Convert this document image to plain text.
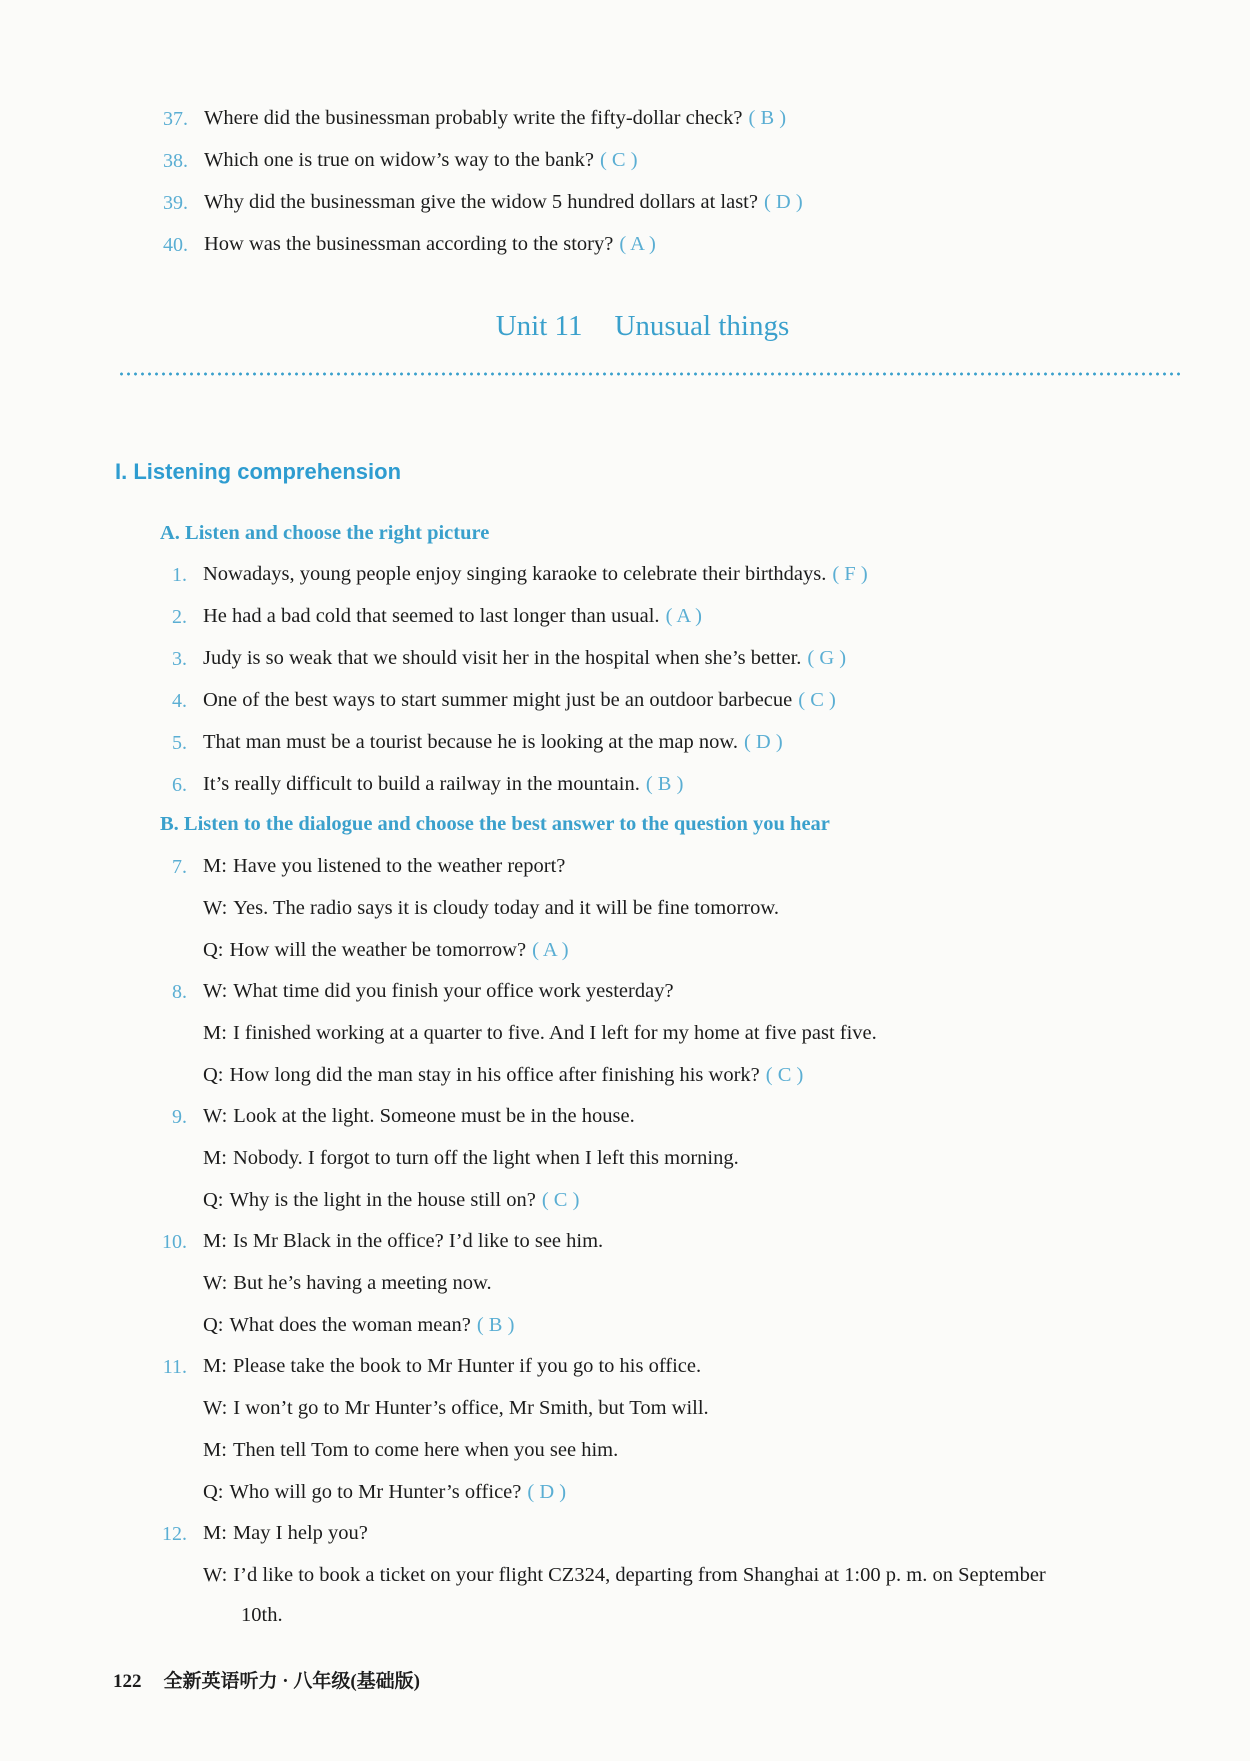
37. Where did the businessman probably write the fifty-dollar check? ( B )
38. Which one is true on widow’s way to the bank? ( C )
39. Why did the businessman give the widow 5 hundred dollars at last? ( D )
40. How was the businessman according to the story? ( A )
Unit 11 Unusual things
I. Listening comprehension
A. Listen and choose the right picture
1. Nowadays, young people enjoy singing karaoke to celebrate their birthdays. ( F )
2. He had a bad cold that seemed to last longer than usual. ( A )
3. Judy is so weak that we should visit her in the hospital when she’s better. ( G )
4. One of the best ways to start summer might just be an outdoor barbecue ( C )
5. That man must be a tourist because he is looking at the map now. ( D )
6. It’s really difficult to build a railway in the mountain. ( B )
B. Listen to the dialogue and choose the best answer to the question you hear
7. M: Have you listened to the weather report?
W: Yes. The radio says it is cloudy today and it will be fine tomorrow.
Q: How will the weather be tomorrow? ( A )
8. W: What time did you finish your office work yesterday?
M: I finished working at a quarter to five. And I left for my home at five past five.
Q: How long did the man stay in his office after finishing his work? ( C )
9. W: Look at the light. Someone must be in the house.
M: Nobody. I forgot to turn off the light when I left this morning.
Q: Why is the light in the house still on? ( C )
10. M: Is Mr Black in the office? I’d like to see him.
W: But he’s having a meeting now.
Q: What does the woman mean? ( B )
11. M: Please take the book to Mr Hunter if you go to his office.
W: I won’t go to Mr Hunter’s office, Mr Smith, but Tom will.
M: Then tell Tom to come here when you see him.
Q: Who will go to Mr Hunter’s office? ( D )
12. M: May I help you?
W: I’d like to book a ticket on your flight CZ324, departing from Shanghai at 1:00 p. m. on September
10th.
122 全新英语听力 · 八年级(基础版)
